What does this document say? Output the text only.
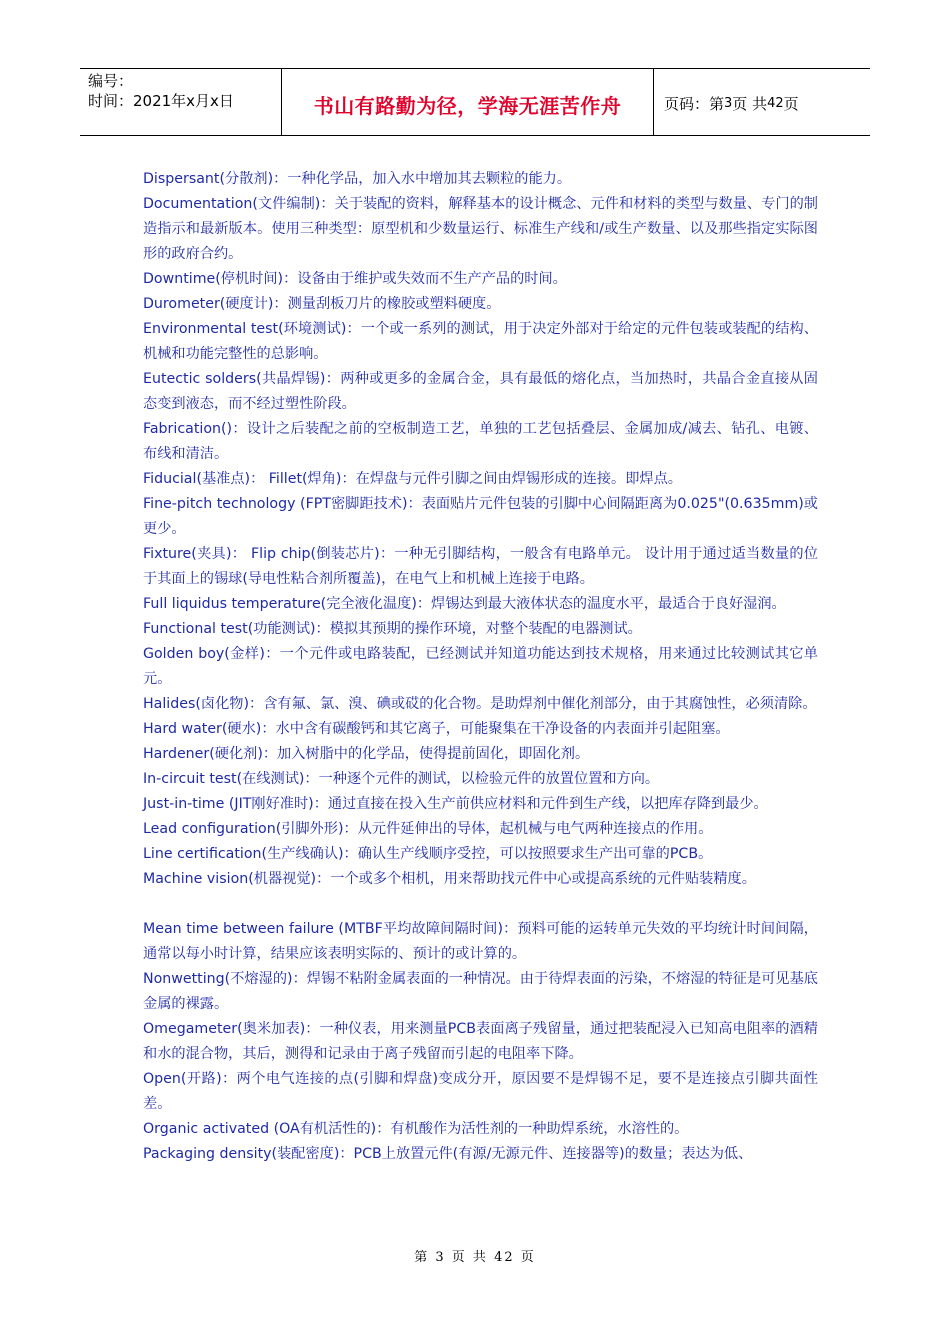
编号：
时间：2021年x月x日	书山有路勤为径，学海无涯苦作舟	页码：第 3 页 共 42 页

Dispersant(分散剂)：一种化学品，加入水中增加其去颗粒的能力。

Documentation(文件编制)：关于装配的资料，解释基本的设计概念、元件和材料的类型与数量、专门的制造指示和最新版本。使用三种类型：原型机和少数量运行、标准生产线和/或生产数量、以及那些指定实际图形的政府合约。

Downtime(停机时间)：设备由于维护或失效而不生产产品的时间。

Durometer(硬度计)：测量刮板刀片的橡胶或塑料硬度。

Environmental test(环境测试)：一个或一系列的测试，用于决定外部对于给定的元件包装或装配的结构、机械和功能完整性的总影响。

Eutectic solders(共晶焊锡)：两种或更多的金属合金，具有最低的熔化点，当加热时，共晶合金直接从固态变到液态，而不经过塑性阶段。

Fabrication()：设计之后装配之前的空板制造工艺，单独的工艺包括叠层、金属加成/减去、钻孔、电镀、布线和清洁。

Fiducial(基准点)： Fillet(焊角)：在焊盘与元件引脚之间由焊锡形成的连接。即焊点。

Fine-pitch technology (FPT密脚距技术)：表面贴片元件包装的引脚中心间隔距离为0.025"(0.635mm)或更少。

Fixture(夹具)： Flip chip(倒装芯片)：一种无引脚结构，一般含有电路单元。 设计用于通过适当数量的位于其面上的锡球(导电性粘合剂所覆盖)，在电气上和机械上连接于电路。

Full liquidus temperature(完全液化温度)：焊锡达到最大液体状态的温度水平，最适合于良好湿润。

Functional test(功能测试)：模拟其预期的操作环境，对整个装配的电器测试。

Golden boy(金样)：一个元件或电路装配，已经测试并知道功能达到技术规格，用来通过比较测试其它单元。

Halides(卤化物)：含有氟、氯、溴、碘或砹的化合物。是助焊剂中催化剂部分，由于其腐蚀性，必须清除。

Hard water(硬水)：水中含有碳酸钙和其它离子，可能聚集在干净设备的内表面并引起阻塞。

Hardener(硬化剂)：加入树脂中的化学品，使得提前固化，即固化剂。

In-circuit test(在线测试)：一种逐个元件的测试，以检验元件的放置位置和方向。

Just-in-time (JIT刚好准时)：通过直接在投入生产前供应材料和元件到生产线，以把库存降到最少。

Lead configuration(引脚外形)：从元件延伸出的导体，起机械与电气两种连接点的作用。

Line certification(生产线确认)：确认生产线顺序受控，可以按照要求生产出可靠的PCB。

Machine vision(机器视觉)：一个或多个相机，用来帮助找元件中心或提高系统的元件贴装精度。

Mean time between failure (MTBF平均故障间隔时间)：预料可能的运转单元失效的平均统计时间间隔，通常以每小时计算，结果应该表明实际的、预计的或计算的。

Nonwetting(不熔湿的)：焊锡不粘附金属表面的一种情况。由于待焊表面的污染，不熔湿的特征是可见基底金属的裸露。

Omegameter(奥米加表)：一种仪表，用来测量PCB表面离子残留量，通过把装配浸入已知高电阻率的酒精和水的混合物，其后，测得和记录由于离子残留而引起的电阻率下降。

Open(开路)：两个电气连接的点(引脚和焊盘)变成分开，原因要不是焊锡不足，要不是连接点引脚共面性差。

Organic activated (OA有机活性的)：有机酸作为活性剂的一种助焊系统，水溶性的。

Packaging density(装配密度)：PCB上放置元件(有源/无源元件、连接器等)的数量；表达为低、

第 3 页 共 42 页
